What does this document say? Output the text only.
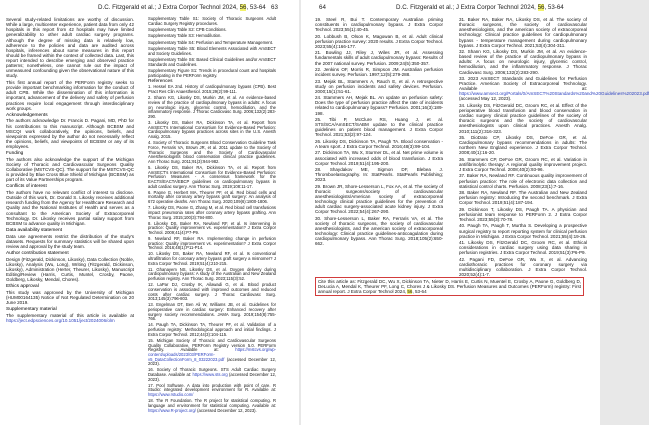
D.C. Fitzgerald et al.; J Extra Corpor Technol 2024, 56, 53-64 63

Several study-related limitations are worthy of discussion. While a large, multicenter experience, patient data from only 42 hospitals in this report from 42 hospitals may have limited generalizability to other adult cardiac surgery programs. Although the degree of missing data is relatively low, adherence to the policies and data are audited across hospitals, inferences about some measures in this report should be framed within the context of collected data. Last, this report intended to describe emerging and observed practice patterns; nonetheless, one cannot rule out the impact of unmeasured confounding given the observational nature of this study.

This first annual report of the PERForm registry seeks to provide important benchmarking information for the conduct of adult CPB. While the dissemination of this information is important, advancement of the delivery and safety of perfusion practices require local engagement through interdisciplinary work groups.

Acknowledgements

The authors acknowledge Dr. Francis D. Pagani, MD, PhD for his contributions to this manuscript. Although BCBSM and MSCQI work collaboratively, the opinions, beliefs, and viewpoints expressed by the author do not necessarily reflect the opinions, beliefs, and viewpoints of BCBSM or any of its employees.

Funding

The authors also acknowledge the support of the Michigan Society of Thoracic and Cardiovascular Surgeons Quality Collaborative (MSTCVS-QC). The support for the MSTCVS-QC is provided by Blue Cross Blue Shield of Michigan (BCBSM) as part of its Value Partnerships program.

Conflicts of interest

The authors have no relevant conflict of interest to disclose. Outside of this work, Dr. Donald S. Likosky receives additional research funding from the Agency for Healthcare Research and Quality and the National Institutes of Health and serves as a consultant to the American Society of Extracorporeal Technology. Dr. Likosky receives partial salary support from BCBSM to advance quality in Michigan.

Data availability statement

Data use agreements restrict the distribution of the study's datasets. Requests for summary statistics will be shared upon review and approval by the study team.

Author contribution statement

Design (Fitzgerald, Dickinson, Likosky), Data Collection (Noble, Likosky), Analysis (Wu, Long), Writing (Fitzgerald, Dickinson, Likosky), Administration (Herter, Theurer, Likosky), Manuscript Editing/Review (Harris, Curtis, Muntel, Crosby, Paone, Goldberg, Likosky, Mendal, Chores).

Ethics approval

This study was approved by the University of Michigan (HUM00164135) Notice of Not Regulated Determination on 20 June 2019.

Supplementary material

The supplementary material of this article is available at https://ject.edpsciences.org/10.1051/ject/2024006/olm

Supplementary Table S1: Society of Thoracic Surgeons Adult Cardiac Surgery Registry procedures.

Supplementary Table S2: CPB Conditions.

Supplementary Table S3: Hemodilution.

Supplementary Table S4: Perfusion and Temperature Management.

Supplementary Table S5: Blood Elements Associated with AmSECT and Society Guidelines.

Supplementary Table S6: Based Clinical Guidelines and/or AmSECT Standards and Guidelines.

Supplementary Figure S1: Trends in procedural count and hospitals participating in the PERForm registry.

References
1. Hessel EA 2nd. History of cardiopulmonary bypass (CPB). Best Pract Res Clin Anaesthesiol. 2015;29(2):99-111.
2. Shann KG, Likosky DS, Murkin JM, et al. An evidence-based review of the practice of cardiopulmonary bypass in adults: A focus on neurologic injury, glycemic control, hemodilution, and the inflammatory response. J Thorac Cardiovasc Surg. 2006;132(2):283-290.
3. Likosky DS, Baker RA, Dickinson TA, et al. Report from AmSECT's International Consortium for Evidence-Based Perfusion: Cardiopulmonary bypass practices across sites in the U.S. Anesth Analg. 2015.
4. Society of Thoracic Surgeons Blood Conservation Guideline Task Force, Ferraris VA, Brown JR, et al. 2011 update to the Society of Thoracic Surgeons and the Society of Cardiovascular Anesthesiologists blood conservation clinical practice guidelines. Ann Thorac Surg. 2011;91(3):944-982.
5. Likosky DS, Baker RA, Dickinson TA, et al. Report from AmSECT's International Consortium for Evidence-Based Perfusion: Perfusion Measures - A consensus framework for the EACTS/EACTA/EBCP guidelines on cardiopulmonary bypass in adult cardiac surgery. Ann Thorac Surg. 2019;108:11-17.
6. Paone G, Herbert MA, Theurer PF, et al. Red blood cells and mortality after coronary artery bypass graft surgery: An analysis of 672 operative deaths. Ann Thorac Surg. 2020;109(6):1800-1806.
7. Likosky DS, Paone G, Zhang M, et al. Red blood cell transfusions impact pneumonia rates after coronary artery bypass grafting. Ann Thorac Surg. 2015;100(3):794-800.
8. Likosky DS, Baker RA, Newland RF, et al. Is intervening in practice: Quality improvement vs. experimentation? J Extra Corpor Technol. 2009;41(4):P7-P9.
9. Newland RF, Baker RA. Implementing change in perfusion practice: Quality improvement vs. experimentation? J Extra Corpor Technol. 2016;48(1):P11-P14.
10. Likosky DS, Baker RA, Newland RF, et al. Is conventional ultrafiltration for coronary artery bypass graft surgery a misnomer? J Extra Corpor Technol. 2019;51(4):210-215.
11. Ghanayem NS, Likosky DS, et al. Oxygen delivery during cardiopulmonary bypass: A study of the Australian and New Zealand perfusion registry. Ann Thorac Surg. 2023;115(3):52.
12. LaPar DJ, Crosby IK, Ailawadi G, et al. Blood product conservation is associated with improved outcomes and reduced costs after cardiac surgery. J Thorac Cardiovasc Surg. 2013;145(3):796-803.
13. Engelman DT, Ben Ali W, Williams JB, et al. Guidelines for perioperative care in cardiac surgery: Enhanced recovery after surgery society recommendations. JAMA Surg. 2019;154(8):755-766.
14. Paugh TA, Dickinson TA, Theurer PF, et al. Validation of a perfusion registry: Methodological approach and initial findings. J Extra Corpor Technol. 2012;44(3):104-115.
15. Michigan Society of Thoracic and Cardiovascular Surgeons Quality Collaborative. PERForm Registry version 5.0. PERForm Registry. Available at: https://mstcvs.org/wp-content/uploads/2023/03/PERForm-v5_DataCollectionForm_8_03222023.pdf (accessed December 12, 2023).
16. Society of Thoracic Surgeons. STS Adult Cardiac Surgery Database. Available at: https://www.sts.org (accessed December 12, 2023).
17. Pool Software. A data into production with point of care. R Studio: integrated development environment for R. Available at: https://www.rstudio.com/
18. The R Foundation. The R project for statistical computing. R language and environment for statistical computing. Available at: https://www.R-project.org/ (accessed December 12, 2023).
64	D.C. Fitzgerald et al.; J Extra Corpor Technol 2024, 56, 53-64
19. Steel R, Bui T. Contemporary Australian priming constituents in cardiopulmonary bypass. J Extra Corpor Technol. 2023;55(1):40-45.
20. Lobbush B, Olson K, Magowan B, et al. Adult clinical perfusion practice survey: 2020 results. J Extra Corpor Technol. 2023;55(4):166-177.
21. Bowling JJ, Riley J, Wiles JR, et al. Assessing fundamentals skills of adult cardiopulmonary bypass: Results of the 2007 national survey. Perfusion. 2009;24(5):350-357.
22. Jenkins OF, Morris R, Simpson JM. Australian perfusion incident survey. Perfusion. 1997;12(5):279-288.
23. Mejak BL, Stammers A, Rauch E, et al. A retrospective study on perfusion incidents and safety devices. Perfusion. 2000;15(1):51-61.
24. Stammers AH, Mejak BL. An update on perfusion safety: Does the type of perfusion practice affect the rate of incidents related to cardiopulmonary bypass? Perfusion. 2001;16(3):189-198.
25. Tibi P, McClure RS, Huang J, et al. STS/SCA/AmSECT/SABM update to the clinical practice guidelines on patient blood management. J Extra Corpor Technol. 2021;53(2):97-124.
26. Likosky DS, Dickinson TA, Paugh TA. Blood conservation - A team sport. J Extra Corpor Technol. 2016;48(3):99-104.
27. Dickinson TA, Wu X, Sturmer DL, et al. Net prime volume is associated with increased odds of blood transfusion. J Extra Corpor Technol. 2019;51(4):195-200.
28. Shaydakov ME, Sigmon DF, Blebea J. Thromboelastography. In: StatPearls. StatPearls Publishing; 2023.
29. Brown JR, Shore-Lesserson L, Fox AA, et al. The society of thoracic surgeons/society of cardiovascular anesthesiologists/American society of extracorporeal technology clinical practice guidelines for the prevention of adult cardiac surgery-associated acute kidney injury. J Extra Corpor Technol. 2022;54(4):267-290.
30. Shore-Lesserson L, Baker RA, Ferraris VA, et al. The society of thoracic surgeons, the society of cardiovascular anesthesiologists, and the american society of extracorporeal technology: Clinical practice guidelines-anticoagulation during cardiopulmonary bypass. Ann Thorac Surg. 2018;105(2):650-662.
31. Baker RA, Baker RA, Likosky DS, et al. The society of thoracic surgeons, the society of cardiovascular anesthesiologists, and the american society of extracorporeal technology: Clinical practice guidelines for cardiopulmonary bypass - temperature management during cardiopulmonary bypass. J Extra Corpor Technol. 2021;53(4):304-311.
32. Shann KG, Likosky DS, Murkin JM, et al. An evidence-based review of the practice of cardiopulmonary bypass in adults: A focus on neurologic injury, glycemic control, hemodilution, and the inflammatory response. J Thorac Cardiovasc Surg. 2006;132(2):283-290.
33. 2023 AmSECT Standards and Guidelines for Perfusion Practice. American Society of Extracorporeal Technology. Available at: https://www.amsect.org/Portals/0/AmSECT%20Standards%20and%20Guidelines%202023.pdf (accessed May 12, 2023).
34. Likosky DS, FitzGerald DC, Groom RC, et al. Effect of the perioperative blood transfusion and blood conservation in cardiac surgery clinical practice guidelines of the society of thoracic surgeons and the society of cardiovascular anesthesiologists upon clinical practices. Anesth Analg. 2010;111(2):316-323.
35. DioDato CP, Likosky DS, DeFoe GR, et al. Cardiopulmonary bypass recommendations in adults: The northern New England experience. J Extra Corpor Technol. 2008;40(1):16-20.
36. Stammers CP, DeFoe GR, Groom RC, et al. Variation in antifibrinolytic therapy: A regional quality improvement project. J Extra Corpor Technol. 2008;40(2):93-96.
37. Baker RA, Newland RF. Continuous quality improvement of perfusion practice: The role of electronic data collection and statistical control charts. Perfusion. 2008;23(1):7-16.
38. Baker RA, Newland RF. The Australian and New Zealand perfusion registry: Introducing the second benchmark. J Extra Corpor Technol. 2019;51(4):187-194.
39. Dickinson T, Likosky DS, Paugh TA. A physician and perfusionist team response to PERForm 2. J Extra Corpor Technol. 2023;55(3):70-78.
40. Paugh TA, Paugh T, Murtha S. Developing a prospective surgical registry to report reporting system for clinical perfusion practice in Michigan. J Extra Corpor Technol. 2021;55(4):19-26.
41. Likosky DS, FitzGerald DC, Groom RC, et al. Ethical considerations in cardiac surgery using data sharing in perfusion registries. J Extra Corpor Technol. 2019;51(3):P6-P9.
42. Pagani FD, DeFoe GR, Wu X, et al. Advancing cardiothoracic practices for coronary surgery via multidisciplinary collaboration. J Extra Corpor Technol. 2020;52(4):1-7.
Cite this article as: Fitzgerald DC, Wu X, Dickinson TA, Nieter D, Harris E, Curtis N, Muentel E, Crosby A, Paone G, Goldberg D, DeLucia A, Mendal K, Theurer PF, Long C, Chores J & Likosky DS. Perfusion Measures and Outcomes (PERForm) registry: First annual report. J Extra Corpor Technol 2024, 56, 53-64
